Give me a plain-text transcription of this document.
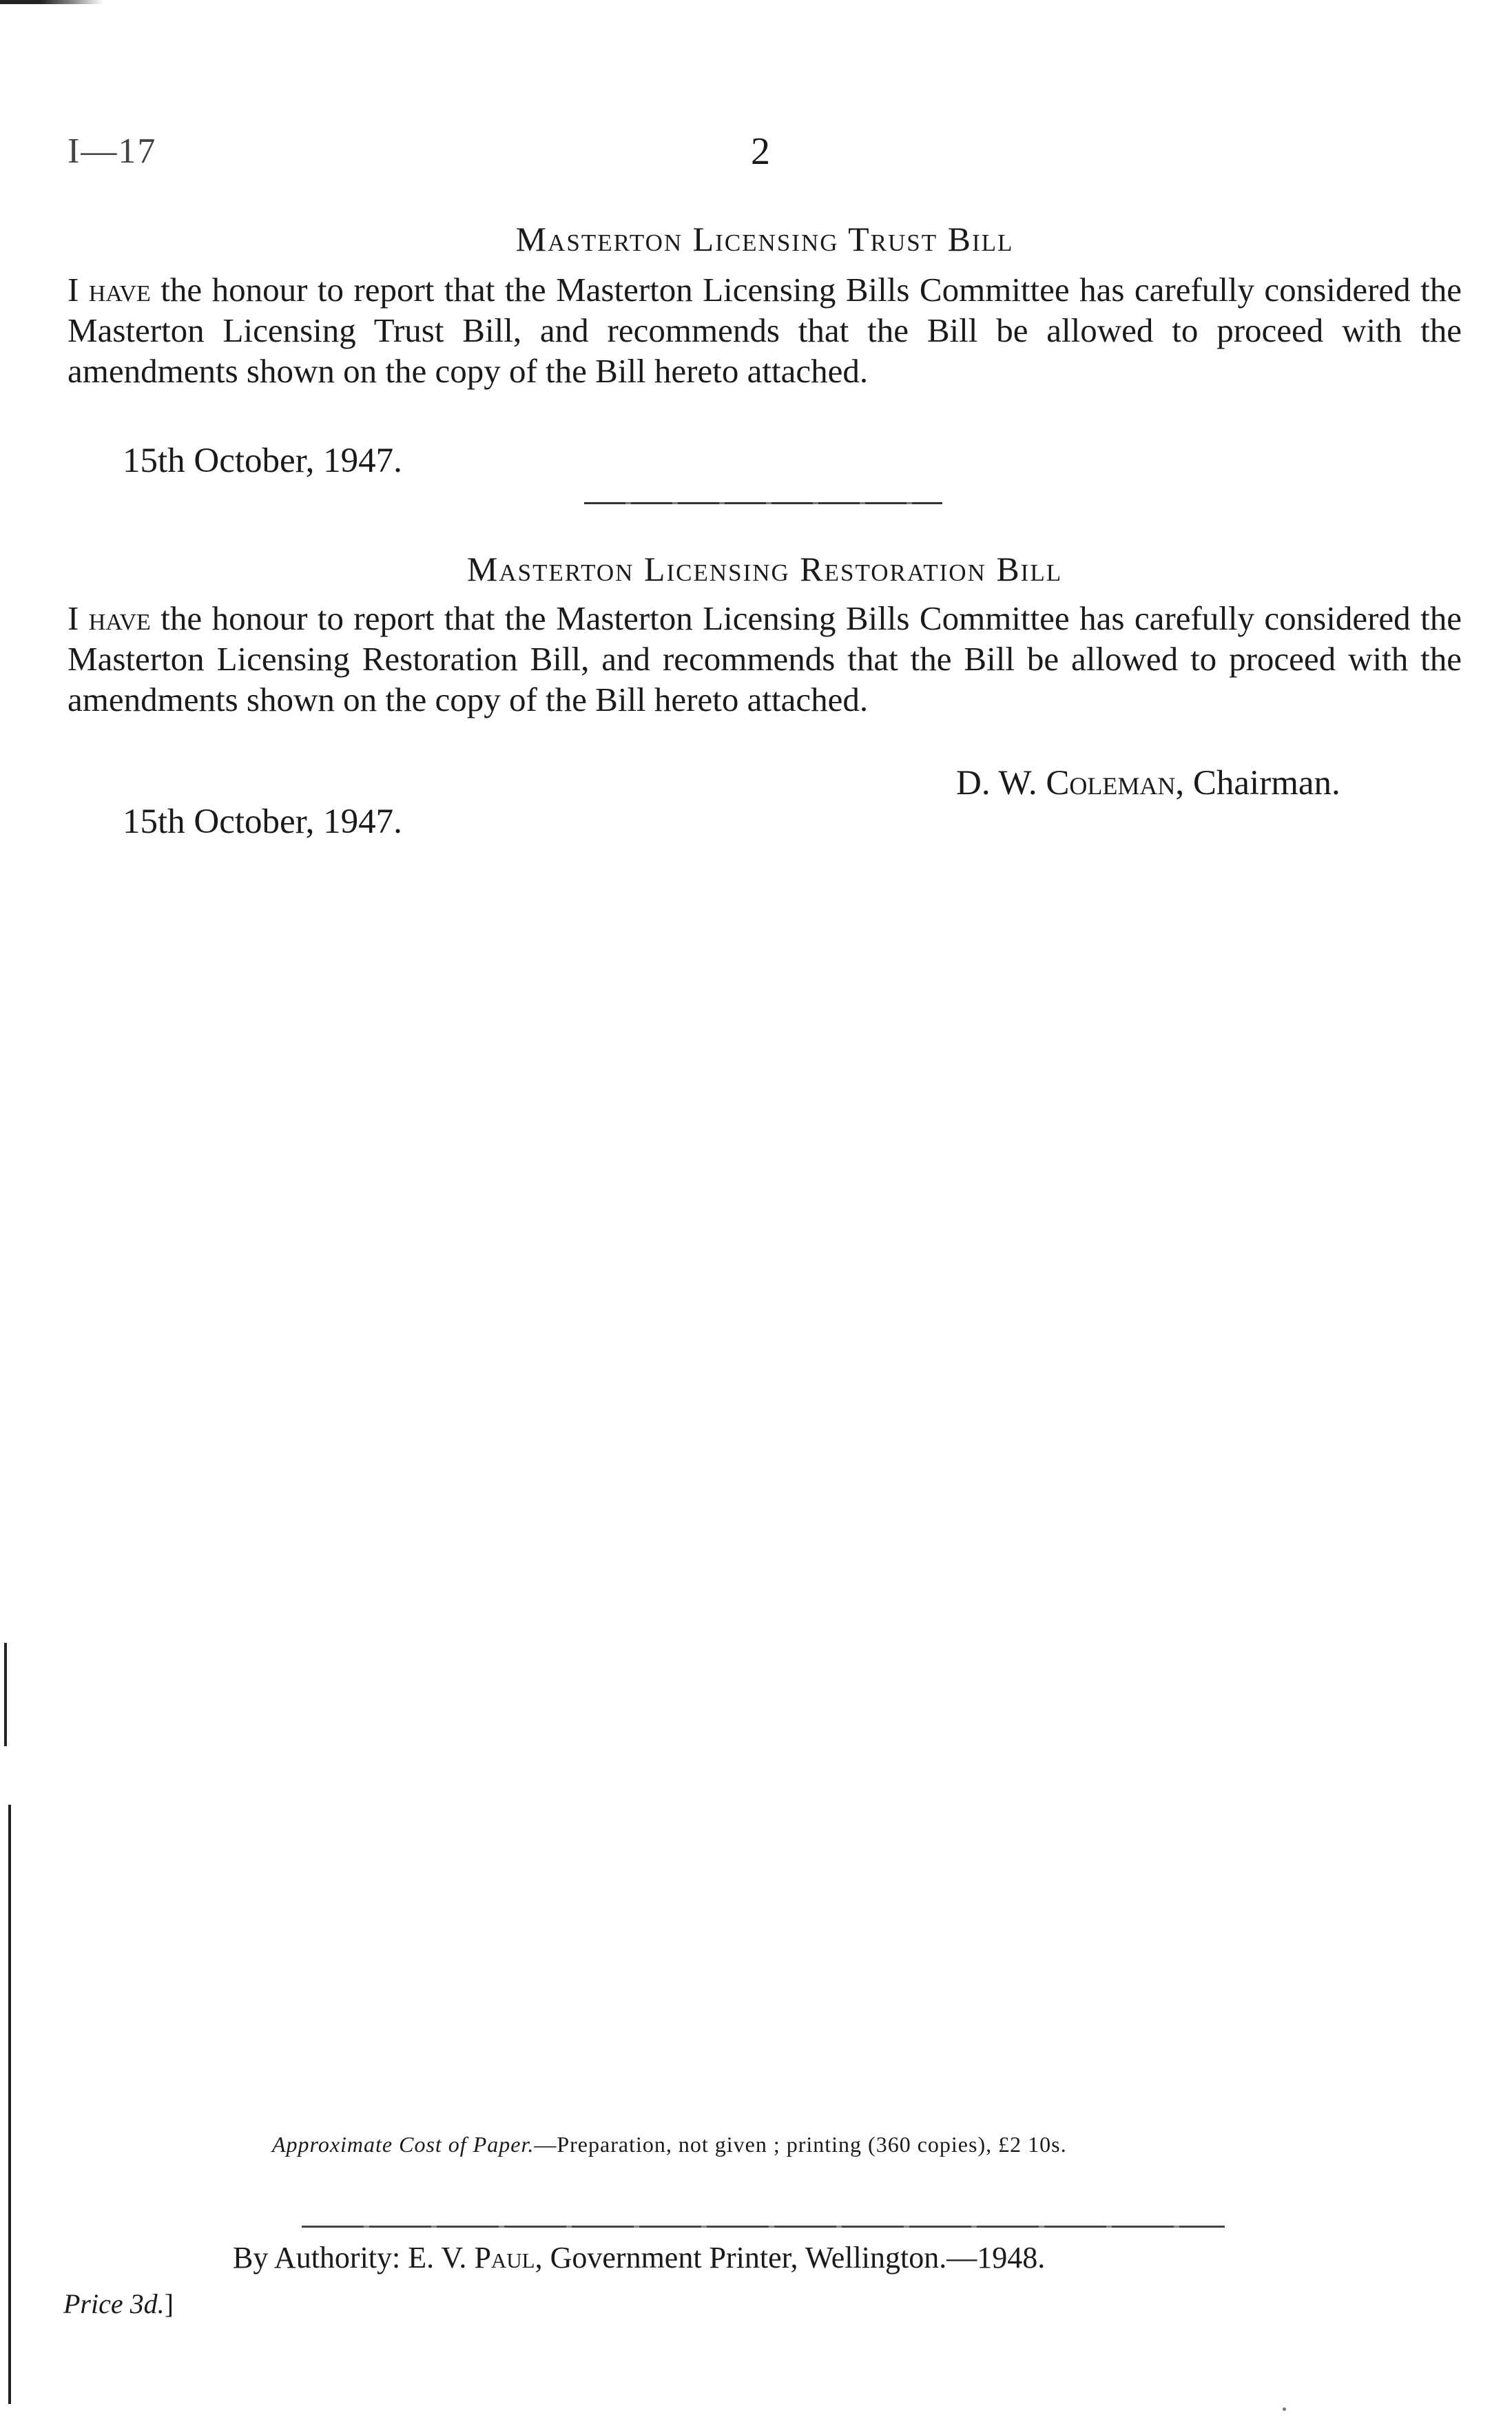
I—17	2
Masterton Licensing Trust Bill
I have the honour to report that the Masterton Licensing Bills Committee has carefully considered the Masterton Licensing Trust Bill, and recommends that the Bill be allowed to proceed with the amendments shown on the copy of the Bill hereto attached.
15th October, 1947.
Masterton Licensing Restoration Bill
I have the honour to report that the Masterton Licensing Bills Committee has carefully considered the Masterton Licensing Restoration Bill, and recommends that the Bill be allowed to proceed with the amendments shown on the copy of the Bill hereto attached.
D. W. Coleman, Chairman.
15th October, 1947.
Approximate Cost of Paper.—Preparation, not given ; printing (360 copies), £2 10s.
By Authority: E. V. Paul, Government Printer, Wellington.—1948.
Price 3d.]
